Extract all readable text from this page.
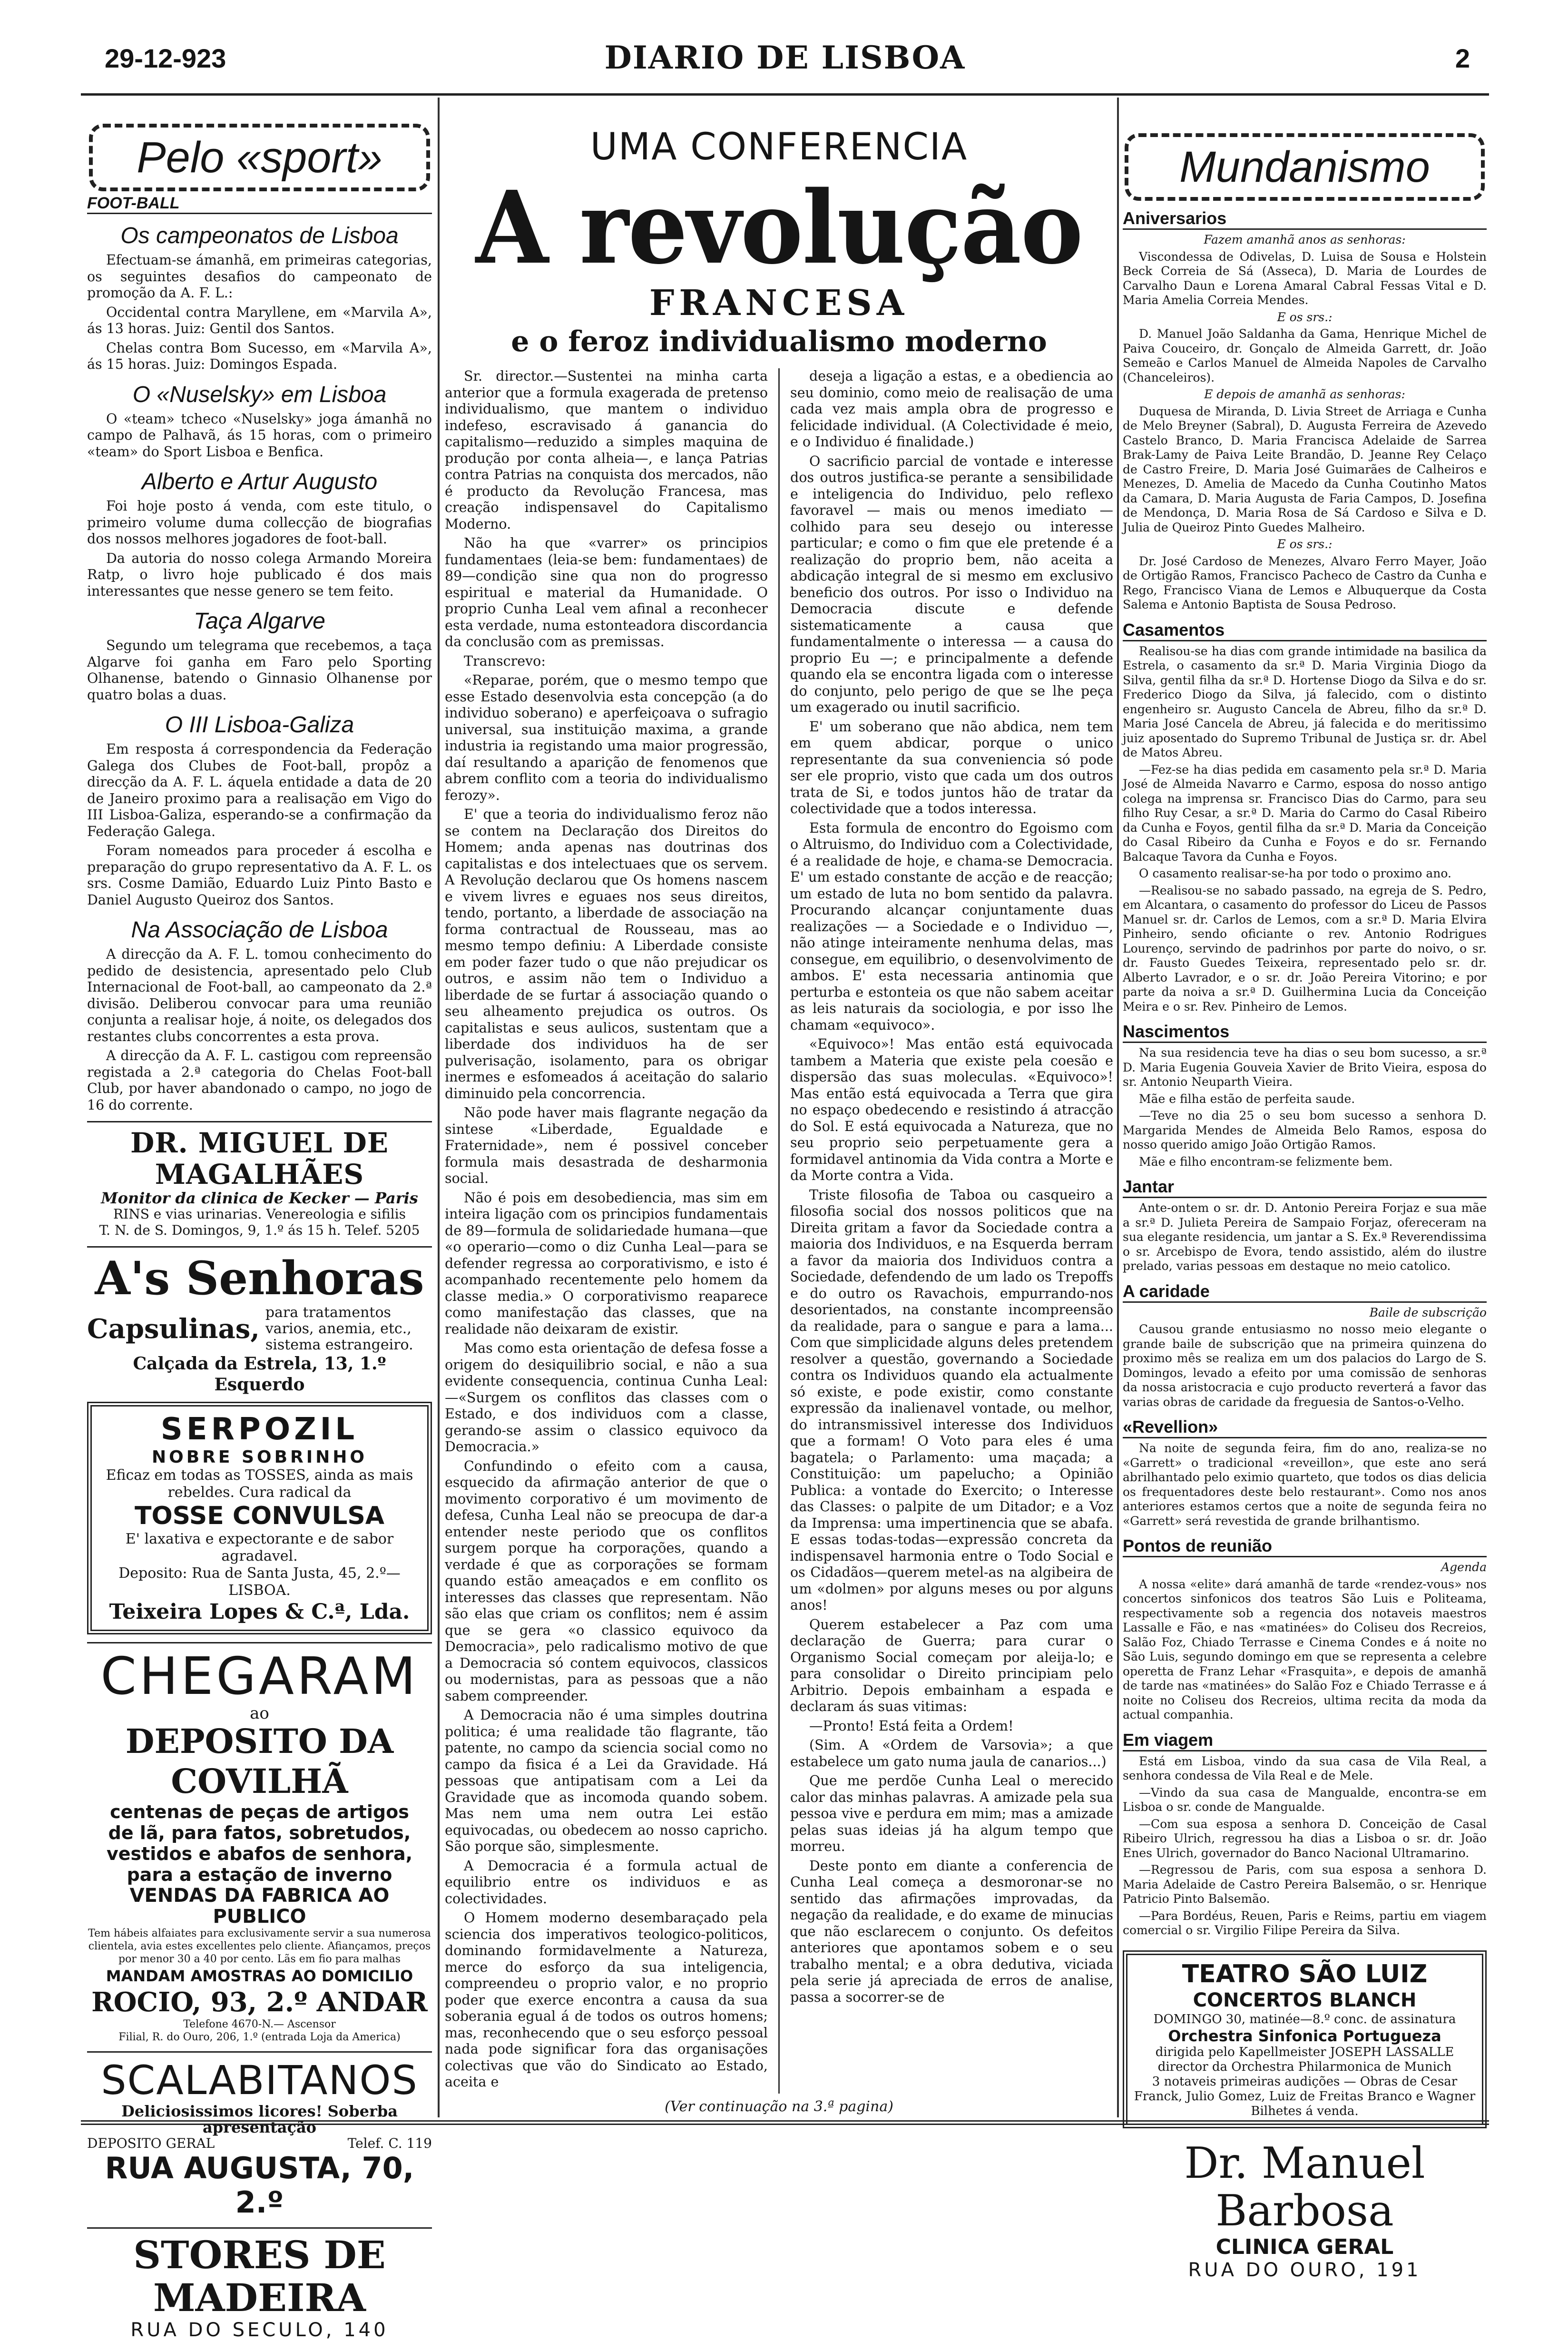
29-12-923	DIARIO DE LISBOA	2
Pelo «sport»
FOOT-BALL
Os campeonatos de Lisboa

Efectuam-se ámanhã, em primeiras categorias, os seguintes desafios do campeonato de promoção da A. F. L.:

Occidental contra Maryllene, em «Marvila A», ás 13 horas. Juiz: Gentil dos Santos.

Chelas contra Bom Sucesso, em «Marvila A», ás 15 horas. Juiz: Domingos Espada.

O «Nuselsky» em Lisboa

O «team» tcheco «Nuselsky» joga ámanhã no campo de Palhavã, ás 15 horas, com o primeiro «team» do Sport Lisboa e Benfica.

Alberto e Artur Augusto

Foi hoje posto á venda, com este titulo, o primeiro volume duma collecção de biografias dos nossos melhores jogadores de foot-ball.

Da autoria do nosso colega Armando Moreira Ratp, o livro hoje publicado é dos mais interessantes que nesse genero se tem feito.

Taça Algarve

Segundo um telegrama que recebemos, a taça Algarve foi ganha em Faro pelo Sporting Olhanense, batendo o Ginnasio Olhanense por quatro bolas a duas.

O III Lisboa-Galiza

Em resposta á correspondencia da Federação Galega dos Clubes de Foot-ball, propôz a direcção da A. F. L. áquela entidade a data de 20 de Janeiro proximo para a realisação em Vigo do III Lisboa-Galiza, esperando-se a confirmação da Federação Galega.

Foram nomeados para proceder á escolha e preparação do grupo representativo da A. F. L. os srs. Cosme Damião, Eduardo Luiz Pinto Basto e Daniel Augusto Queiroz dos Santos.

Na Associação de Lisboa

A direcção da A. F. L. tomou conhecimento do pedido de desistencia, apresentado pelo Club Internacional de Foot-ball, ao campeonato da 2.ª divisão. Deliberou convocar para uma reunião conjunta a realisar hoje, á noite, os delegados dos restantes clubs concorrentes a esta prova.

A direcção da A. F. L. castigou com repreensão registada a 2.ª categoria do Chelas Foot-ball Club, por haver abandonado o campo, no jogo de 16 do corrente.

DR. MIGUEL DE MAGALHÃES
Monitor da clinica de Kecker — Paris
RINS e vias urinarias. Venereologia e sifilis
T. N. de S. Domingos, 9, 1.º ás 15 h. Telef. 5205
A's Senhoras
Capsulinas,
para tratamentos varios, anemia, etc., sistema estrangeiro.
Calçada da Estrela, 13, 1.º Esquerdo
SERPOZIL
NOBRE SOBRINHO
Eficaz em todas as TOSSES, ainda as mais rebeldes. Cura radical da
TOSSE CONVULSA
E' laxativa e expectorante e de sabor agradavel.
Deposito: Rua de Santa Justa, 45, 2.º—LISBOA.
Teixeira Lopes & C.ª, Lda.
CHEGARAM
ao
DEPOSITO DA COVILHÃ
centenas de peças de artigos
de lã, para fatos, sobretudos,
vestidos e abafos de senhora,
para a estação de inverno
VENDAS DA FABRICA AO PUBLICO
Tem hábeis alfaiates para exclusivamente servir a sua numerosa clientela, avia estes excellentes pelo cliente. Afiançamos, preços por menor 30 a 40 por cento. Lãs em fio para malhas
MANDAM AMOSTRAS AO DOMICILIO
ROCIO, 93, 2.º ANDAR
Telefone 4670-N.— Ascensor
Filial, R. do Ouro, 206, 1.º (entrada Loja da America)
SCALABITANOS
Deliciosissimos licores! Soberba apresentação
DEPOSITO GERAL	Telef. C. 119
RUA AUGUSTA, 70, 2.º
STORES DE MADEIRA
RUA DO SECULO, 140
UMA CONFERENCIA
A revolução
FRANCESA
e o feroz individualismo moderno

Sr. director.—Sustentei na minha carta anterior que a formula exagerada de pretenso individualismo, que mantem o individuo indefeso, escravisado á ganancia do capitalismo—reduzido a simples maquina de produção por conta alheia—, e lança Patrias contra Patrias na conquista dos mercados, não é producto da Revolução Francesa, mas creação indispensavel do Capitalismo Moderno.

Não ha que «varrer» os principios fundamentaes (leia-se bem: fundamentaes) de 89—condição sine qua non do progresso espiritual e material da Humanidade. O proprio Cunha Leal vem afinal a reconhecer esta verdade, numa estonteadora discordancia da conclusão com as premissas.

Transcrevo:

«Reparae, porém, que o mesmo tempo que esse Estado desenvolvia esta concepção (a do individuo soberano) e aperfeiçoava o sufragio universal, sua instituição maxima, a grande industria ia registando uma maior progressão, daí resultando a aparição de fenomenos que abrem conflito com a teoria do individualismo ferozy».

E' que a teoria do individualismo feroz não se contem na Declaração dos Direitos do Homem; anda apenas nas doutrinas dos capitalistas e dos intelectuaes que os servem. A Revolução declarou que Os homens nascem e vivem livres e eguaes nos seus direitos, tendo, portanto, a liberdade de associação na forma contractual de Rousseau, mas ao mesmo tempo definiu: A Liberdade consiste em poder fazer tudo o que não prejudicar os outros, e assim não tem o Individuo a liberdade de se furtar á associação quando o seu alheamento prejudica os outros. Os capitalistas e seus aulicos, sustentam que a liberdade dos individuos ha de ser pulverisação, isolamento, para os obrigar inermes e esfomeados á aceitação do salario diminuido pela concorrencia.

Não pode haver mais flagrante negação da sintese «Liberdade, Egualdade e Fraternidade», nem é possivel conceber formula mais desastrada de desharmonia social.

Não é pois em desobediencia, mas sim em inteira ligação com os principios fundamentais de 89—formula de solidariedade humana—que «o operario—como o diz Cunha Leal—para se defender regressa ao corporativismo, e isto é acompanhado recentemente pelo homem da classe media.» O corporativismo reaparece como manifestação das classes, que na realidade não deixaram de existir.

Mas como esta orientação de defesa fosse a origem do desiquilibrio social, e não a sua evidente consequencia, continua Cunha Leal:—«Surgem os conflitos das classes com o Estado, e dos individuos com a classe, gerando-se assim o classico equivoco da Democracia.»

Confundindo o efeito com a causa, esquecido da afirmação anterior de que o movimento corporativo é um movimento de defesa, Cunha Leal não se preocupa de dar-a entender neste periodo que os conflitos surgem porque ha corporações, quando a verdade é que as corporações se formam quando estão ameaçados e em conflito os interesses das classes que representam. Não são elas que criam os conflitos; nem é assim que se gera «o classico equivoco da Democracia», pelo radicalismo motivo de que a Democracia só contem equivocos, classicos ou modernistas, para as pessoas que a não sabem compreender.

A Democracia não é uma simples doutrina politica; é uma realidade tão flagrante, tão patente, no campo da sciencia social como no campo da fisica é a Lei da Gravidade. Há pessoas que antipatisam com a Lei da Gravidade que as incomoda quando sobem. Mas nem uma nem outra Lei estão equivocadas, ou obedecem ao nosso capricho. São porque são, simplesmente.

A Democracia é a formula actual de equilibrio entre os individuos e as colectividades.

O Homem moderno desembaraçado pela sciencia dos imperativos teologico-politicos, dominando formidavelmente a Natureza, merce do esforço da sua inteligencia, compreendeu o proprio valor, e no proprio poder que exerce encontra a causa da sua soberania egual á de todos os outros homens; mas, reconhecendo que o seu esforço pessoal nada pode significar fora das organisações colectivas que vão do Sindicato ao Estado, aceita e

deseja a ligação a estas, e a obediencia ao seu dominio, como meio de realisação de uma cada vez mais ampla obra de progresso e felicidade individual. (A Colectividade é meio, e o Individuo é finalidade.)

O sacrificio parcial de vontade e interesse dos outros justifica-se perante a sensibilidade e inteligencia do Individuo, pelo reflexo favoravel — mais ou menos imediato — colhido para seu desejo ou interesse particular; e como o fim que ele pretende é a realização do proprio bem, não aceita a abdicação integral de si mesmo em exclusivo beneficio dos outros. Por isso o Individuo na Democracia discute e defende sistematicamente a causa que fundamentalmente o interessa — a causa do proprio Eu —; e principalmente a defende quando ela se encontra ligada com o interesse do conjunto, pelo perigo de que se lhe peça um exagerado ou inutil sacrificio.

E' um soberano que não abdica, nem tem em quem abdicar, porque o unico representante da sua conveniencia só pode ser ele proprio, visto que cada um dos outros trata de Si, e todos juntos hão de tratar da colectividade que a todos interessa.

Esta formula de encontro do Egoismo com o Altruismo, do Individuo com a Colectividade, é a realidade de hoje, e chama-se Democracia. E' um estado constante de acção e de reacção; um estado de luta no bom sentido da palavra. Procurando alcançar conjuntamente duas realizações — a Sociedade e o Individuo —, não atinge inteiramente nenhuma delas, mas consegue, em equilibrio, o desenvolvimento de ambos. E' esta necessaria antinomia que perturba e estonteia os que não sabem aceitar as leis naturais da sociologia, e por isso lhe chamam «equivoco».

«Equivoco»! Mas então está equivocada tambem a Materia que existe pela coesão e dispersão das suas moleculas. «Equivoco»! Mas então está equivocada a Terra que gira no espaço obedecendo e resistindo á atracção do Sol. E está equivocada a Natureza, que no seu proprio seio perpetuamente gera a formidavel antinomia da Vida contra a Morte e da Morte contra a Vida.

Triste filosofia de Taboa ou casqueiro a filosofia social dos nossos politicos que na Direita gritam a favor da Sociedade contra a maioria dos Individuos, e na Esquerda berram a favor da maioria dos Individuos contra a Sociedade, defendendo de um lado os Trepoffs e do outro os Ravachois, empurrando-nos desorientados, na constante incompreensão da realidade, para o sangue e para a lama... Com que simplicidade alguns deles pretendem resolver a questão, governando a Sociedade contra os Individuos quando ela actualmente só existe, e pode existir, como constante expressão da inalienavel vontade, ou melhor, do intransmissivel interesse dos Individuos que a formam! O Voto para eles é uma bagatela; o Parlamento: uma maçada; a Constituição: um papelucho; a Opinião Publica: a vontade do Exercito; o Interesse das Classes: o palpite de um Ditador; e a Voz da Imprensa: uma impertinencia que se abafa. E essas todas-todas—expressão concreta da indispensavel harmonia entre o Todo Social e os Cidadãos—querem metel-as na algibeira de um «dolmen» por alguns meses ou por alguns anos!

Querem estabelecer a Paz com uma declaração de Guerra; para curar o Organismo Social começam por aleija-lo; e para consolidar o Direito principiam pelo Arbitrio. Depois embainham a espada e declaram ás suas vitimas:

—Pronto! Está feita a Ordem!

(Sim. A «Ordem de Varsovia»; a que estabelece um gato numa jaula de canarios...)

Que me perdõe Cunha Leal o merecido calor das minhas palavras. A amizade pela sua pessoa vive e perdura em mim; mas a amizade pelas suas ideias já ha algum tempo que morreu.

Deste ponto em diante a conferencia de Cunha Leal começa a desmoronar-se no sentido das afirmações improvadas, da negação da realidade, e do exame de minucias que não esclarecem o conjunto. Os defeitos anteriores que apontamos sobem e o seu trabalho mental; e a obra dedutiva, viciada pela serie já apreciada de erros de analise, passa a socorrer-se de

(Ver continuação na 3.ª pagina)
Mundanismo
Aniversarios

Fazem amanhã anos as senhoras:

Viscondessa de Odivelas, D. Luisa de Sousa e Holstein Beck Correia de Sá (Asseca), D. Maria de Lourdes de Carvalho Daun e Lorena Amaral Cabral Fessas Vital e D. Maria Amelia Correia Mendes.

E os srs.:

D. Manuel João Saldanha da Gama, Henrique Michel de Paiva Couceiro, dr. Gonçalo de Almeida Garrett, dr. João Semeão e Carlos Manuel de Almeida Napoles de Carvalho (Chanceleiros).

E depois de amanhã as senhoras:

Duquesa de Miranda, D. Livia Street de Arriaga e Cunha de Melo Breyner (Sabral), D. Augusta Ferreira de Azevedo Castelo Branco, D. Maria Francisca Adelaide de Sarrea Brak-Lamy de Paiva Leite Brandão, D. Jeanne Rey Celaço de Castro Freire, D. Maria José Guimarães de Calheiros e Menezes, D. Amelia de Macedo da Cunha Coutinho Matos da Camara, D. Maria Augusta de Faria Campos, D. Josefina de Mendonça, D. Maria Rosa de Sá Cardoso e Silva e D. Julia de Queiroz Pinto Guedes Malheiro.

E os srs.:

Dr. José Cardoso de Menezes, Alvaro Ferro Mayer, João de Ortigão Ramos, Francisco Pacheco de Castro da Cunha e Rego, Francisco Viana de Lemos e Albuquerque da Costa Salema e Antonio Baptista de Sousa Pedroso.

Casamentos

Realisou-se ha dias com grande intimidade na basilica da Estrela, o casamento da sr.ª D. Maria Virginia Diogo da Silva, gentil filha da sr.ª D. Hortense Diogo da Silva e do sr. Frederico Diogo da Silva, já falecido, com o distinto engenheiro sr. Augusto Cancela de Abreu, filho da sr.ª D. Maria José Cancela de Abreu, já falecida e do meritissimo juiz aposentado do Supremo Tribunal de Justiça sr. dr. Abel de Matos Abreu.

—Fez-se ha dias pedida em casamento pela sr.ª D. Maria José de Almeida Navarro e Carmo, esposa do nosso antigo colega na imprensa sr. Francisco Dias do Carmo, para seu filho Ruy Cesar, a sr.ª D. Maria do Carmo do Casal Ribeiro da Cunha e Foyos, gentil filha da sr.ª D. Maria da Conceição do Casal Ribeiro da Cunha e Foyos e do sr. Fernando Balcaque Tavora da Cunha e Foyos.

O casamento realisar-se-ha por todo o proximo ano.

—Realisou-se no sabado passado, na egreja de S. Pedro, em Alcantara, o casamento do professor do Liceu de Passos Manuel sr. dr. Carlos de Lemos, com a sr.ª D. Maria Elvira Pinheiro, sendo oficiante o rev. Antonio Rodrigues Lourenço, servindo de padrinhos por parte do noivo, o sr. dr. Fausto Guedes Teixeira, representado pelo sr. dr. Alberto Lavrador, e o sr. dr. João Pereira Vitorino; e por parte da noiva a sr.ª D. Guilhermina Lucia da Conceição Meira e o sr. Rev. Pinheiro de Lemos.

Nascimentos

Na sua residencia teve ha dias o seu bom sucesso, a sr.ª D. Maria Eugenia Gouveia Xavier de Brito Vieira, esposa do sr. Antonio Neuparth Vieira.

Mãe e filha estão de perfeita saude.

—Teve no dia 25 o seu bom sucesso a senhora D. Margarida Mendes de Almeida Belo Ramos, esposa do nosso querido amigo João Ortigão Ramos.

Mãe e filho encontram-se felizmente bem.

Jantar

Ante-ontem o sr. dr. D. Antonio Pereira Forjaz e sua mãe a sr.ª D. Julieta Pereira de Sampaio Forjaz, ofereceram na sua elegante residencia, um jantar a S. Ex.ª Reverendissima o sr. Arcebispo de Evora, tendo assistido, além do ilustre prelado, varias pessoas em destaque no meio catolico.

A caridade

Baile de subscrição

Causou grande entusiasmo no nosso meio elegante o grande baile de subscrição que na primeira quinzena do proximo mês se realiza em um dos palacios do Largo de S. Domingos, levado a efeito por uma comissão de senhoras da nossa aristocracia e cujo producto reverterá a favor das varias obras de caridade da freguesia de Santos-o-Velho.

«Revellion»

Na noite de segunda feira, fim do ano, realiza-se no «Garrett» o tradicional «reveillon», que este ano será abrilhantado pelo eximio quarteto, que todos os dias delicia os frequentadores deste belo restaurant». Como nos anos anteriores estamos certos que a noite de segunda feira no «Garrett» será revestida de grande brilhantismo.

Pontos de reunião

Agenda

A nossa «elite» dará amanhã de tarde «rendez-vous» nos concertos sinfonicos dos teatros São Luis e Politeama, respectivamente sob a regencia dos notaveis maestros Lassalle e Fão, e nas «matinées» do Coliseu dos Recreios, Salão Foz, Chiado Terrasse e Cinema Condes e á noite no São Luis, segundo domingo em que se representa a celebre operetta de Franz Lehar «Frasquita», e depois de amanhã de tarde nas «matinées» do Salão Foz e Chiado Terrasse e á noite no Coliseu dos Recreios, ultima recita da moda da actual companhia.

Em viagem

Está em Lisboa, vindo da sua casa de Vila Real, a senhora condessa de Vila Real e de Mele.

—Vindo da sua casa de Mangualde, encontra-se em Lisboa o sr. conde de Mangualde.

—Com sua esposa a senhora D. Conceição de Casal Ribeiro Ulrich, regressou ha dias a Lisboa o sr. dr. João Enes Ulrich, governador do Banco Nacional Ultramarino.

—Regressou de Paris, com sua esposa a senhora D. Maria Adelaide de Castro Pereira Balsemão, o sr. Henrique Patricio Pinto Balsemão.

—Para Bordéus, Reuen, Paris e Reims, partiu em viagem comercial o sr. Virgilio Filipe Pereira da Silva.

TEATRO SÃO LUIZ
CONCERTOS BLANCH
DOMINGO 30, matinée—8.º conc. de assinatura
Orchestra Sinfonica Portugueza
dirigida pelo Kapellmeister JOSEPH LASSALLE
director da Orchestra Philarmonica de Munich
3 notaveis primeiras audições — Obras de Cesar Franck, Julio Gomez, Luiz de Freitas Branco e Wagner
Bilhetes á venda.
Dr. Manuel Barbosa
CLINICA GERAL
RUA DO OURO, 191
